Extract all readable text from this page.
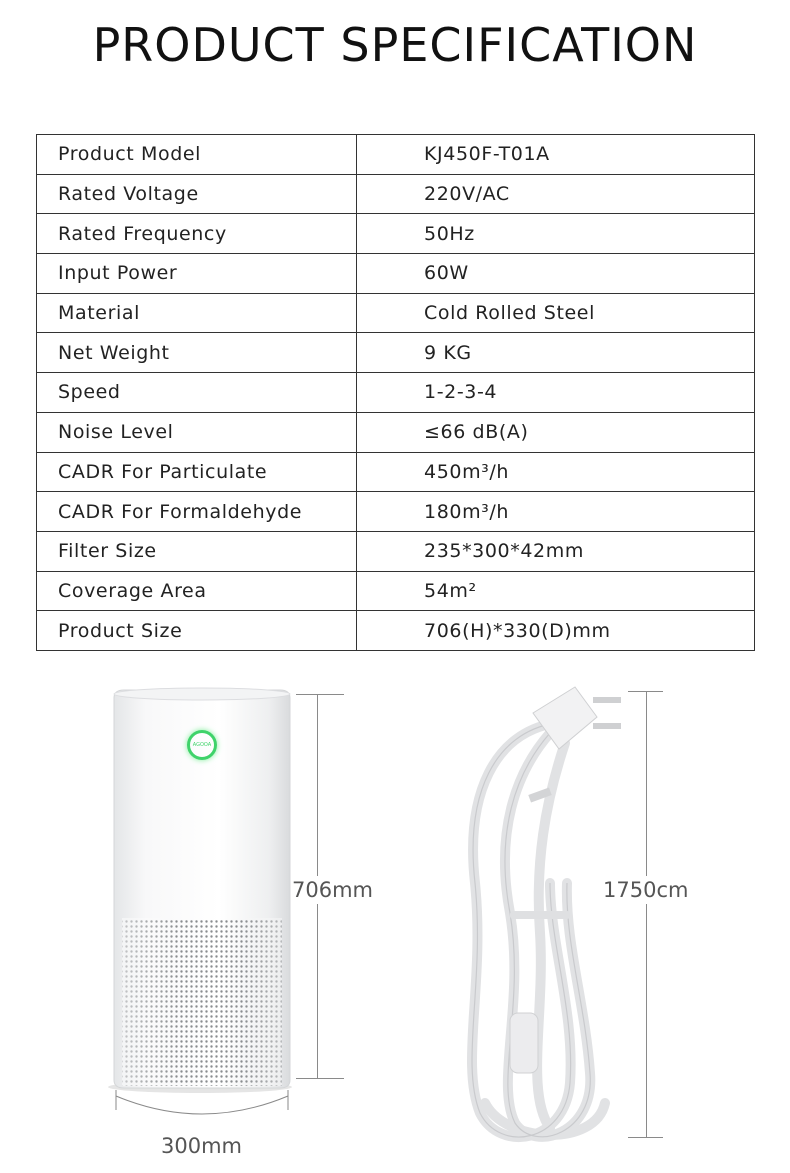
PRODUCT SPECIFICATION
Product Model	KJ450F-T01A
Rated Voltage	220V/AC
Rated Frequency	50Hz
Input Power	60W
Material	Cold Rolled Steel
Net Weight	9 KG
Speed	1-2-3-4
Noise Level	≤66 dB(A)
CADR For Particulate	450m³/h
CADR For Formaldehyde	180m³/h
Filter Size	235*300*42mm
Coverage Area	54m²
Product Size	706(H)*330(D)mm
AGOOA
706mm
300mm
1750cm
